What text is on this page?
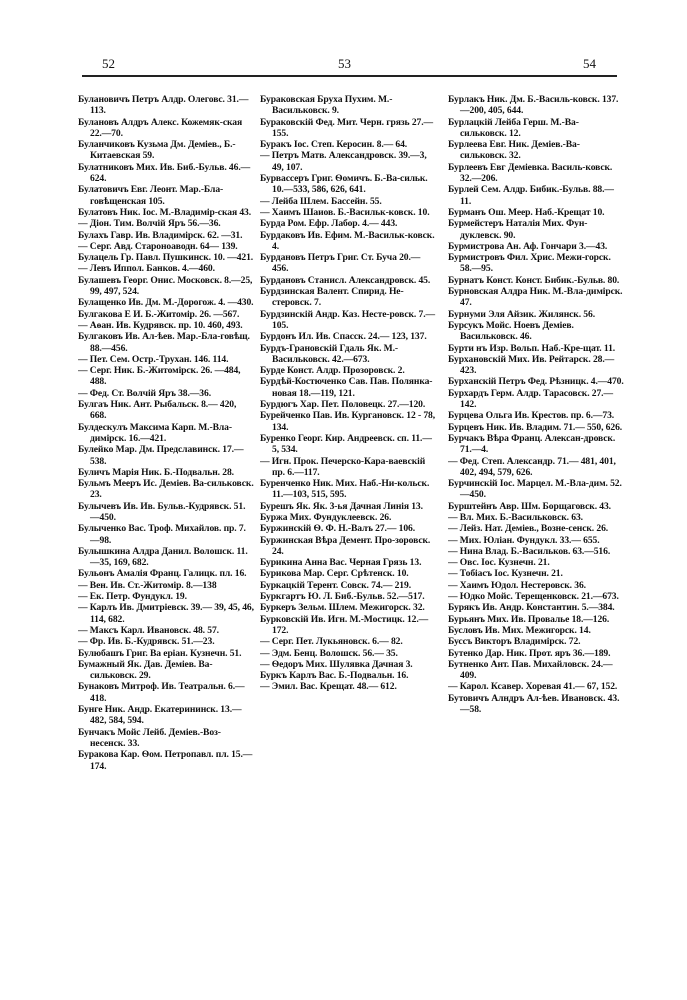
52	53	54
Булановичъ Петръ Алдр. Олеговс. 31.—113.
Булановъ Алдръ Алекс. Кожемяк-ская 22.—70.
Буланчиковъ Кузьма Дм. Деміев., Б.-Китаевская 59.
Булатниковъ Мих. Ив. Биб.-Бульв. 46.—624.
Булатовичъ Евг. Леонт. Мар.-Бла-говѣщенская 105.
Булатовъ Ник. Іос. М.-Владимір-ская 43.
— Діон. Тим. Волчій Яръ 56.—36.
Булахъ Гавр. Ив. Владимірск. 62. —31.
— Серг. Авд. Староноаводн. 64— 139.
Булацель Гр. Павл. Пушкинск. 10. —421.
— Левъ Иппол. Банков. 4.—460.
Булашевъ Георг. Онис. Московск. 8.—25, 99, 497, 524.
Булащенко Ив. Дм. М.-Дорогож. 4. —430.
Булгакова Е И. Б.-Житомір. 26. —567.
— Аѳан. Ив. Кудрявск. пр. 10. 460, 493.
Булгаковъ Ив. Ал-ѣев. Мар.-Бла-говѣщ. 88.—456.
— Пет. Сем. Остр.-Трухан. 146. 114.
— Серг. Ник. Б.-Житомірск. 26. —484, 488.
— Фед. Ст. Волчій Яръ 38.—36.
Булгаъ Ник. Ант. Рыбальск. 8.— 420, 668.
Булдескулъ Максима Карп. М.-Вла-димірск. 16.—421.
Булейко Мар. Дм. Предславинск. 17.—538.
Буличъ Марія Ник. Б.-Подвальн. 28.
Бульмъ Мееръ Ис. Деміев. Ва-сильковск. 23.
Булычевъ Ив. Ив. Бульв.-Кудрявск. 51.—450.
Булыченко Вас. Троф. Михайлов. пр. 7.—98.
Булышкина Алдра Данил. Волошск. 11.—35, 169, 682.
Бульонъ Амалія Франц. Галицк. пл. 16.
— Вен. Ив. Ст.-Житомір. 8.—138
— Ек. Петр. Фундукл. 19.
— Карлъ Ив. Дмитріевск. 39.— 39, 45, 46, 114, 682.
— Максъ Карл. Ивановск. 48. 57.
— Фр. Ив. Б.-Кудрявск. 51.—23.
Булюбашъ Григ. Ва еріан. Кузнечн. 51.
Бумажный Як. Дав. Деміев. Ва-сильковск. 29.
Бунаковъ Митроф. Ив. Театральн. 6.—418.
Бунге Ник. Андр. Екатерининск. 13.—482, 584, 594.
Бунчакъ Мойс Лейб. Деміев.-Воз-несенск. 33.
Буракова Кар. Ѳом. Петропавл. пл. 15.—174.
Бураковская Бруха Пухим. М.-Васильковск. 9.
Бураковскій Фед. Мит. Черн. грязь 27.—155.
Буракъ Іос. Степ. Керосин. 8.— 64.
— Петръ Матв. Александровск. 39.—3, 49, 107.
Бурвассеръ Григ. Ѳомичъ. Б.-Ва-сильк. 10.—533, 586, 626, 641.
— Лейба Шлем. Бассейн. 55.
— Хаимъ Шаиов. Б.-Васильк-ковск. 10.
Бурда Ром. Ефр. Лабор. 4.— 443.
Бурдаковъ Ив. Ефим. М.-Васильк-ковск. 4.
Бурдановъ Петръ Григ. Ст. Буча 20.—456.
Бурдановъ Станисл. Александровск. 45.
Бурдзинская Валент. Спирид. Не-стеровск. 7.
Бурдзинскій Андр. Каз. Несте-ровск. 7.—105.
Бурдонъ Ил. Ив. Спасск. 24.— 123, 137.
Бурдъ-Грановскій Гдаль Як. М.-Васильковск. 42.—673.
Бурде Конст. Алдр. Прозоровск. 2.
Бурдѣй-Костюченко Сав. Пав. Полянка-новая 18.—119, 121.
Бурдюгъ Хар. Пет. Половецк. 27.—120.
Бурейченко Пав. Ив. Кургановск. 12 - 78, 134.
Буренко Георг. Кир. Андреевск. сп. 11.—5, 534.
— Игн. Прок. Печерско-Кара-ваевскій пр. 6.—117.
Буренченко Ник. Мих. Наб.-Ни-кольск. 11.—103, 515, 595.
Бурешъ Як. Як. 3-ья Дачная Линія 13.
Буржа Мих. Фундуклеевск. 26.
Буржинскій Ѳ. Ф. Н.-Валъ 27.— 106.
Буржинская Вѣра Демент. Про-зоровск. 24.
Бурикина Анна Вас. Черная Грязь 13.
Бурикова Мар. Серг. Срѣтенск. 10.
Буркацкій Терент. Совск. 74.— 219.
Буркгартъ Ю. Л. Биб.-Бульв. 52.—517.
Буркеръ Зельм. Шлем. Межигорск. 32.
Бурковскій Ив. Игн. М.-Мостицк. 12.—172.
— Серг. Пет. Лукьяновск. 6.— 82.
— Эдм. Бенц. Волошск. 56.— 35.
— Ѳедоръ Мих. Шулявка Дачная 3.
Буркъ Карлъ Вас. Б.-Подвальн. 16.
— Эмил. Вас. Крещат. 48.— 612.
Бурлакъ Ник. Дм. Б.-Василь-ковск. 137.—200, 405, 644.
Бурлацкій Лейба Герш. М.-Ва-сильковск. 12.
Бурлеева Евг. Ник. Деміев.-Ва-сильковск. 32.
Бурлеевъ Евг Деміевка. Василь-ковск. 32.—206.
Бурлей Сем. Алдр. Бибик.-Бульв. 88.—11.
Бурманъ Ош. Меер. Наб.-Крещат 10.
Бурмейстеръ Наталія Мих. Фун-дуклевск. 90.
Бурмистрова Ан. Аф. Гончари 3.—43.
Бурмистровъ Фил. Хрис. Межи-горск. 58.—95.
Бурнатъ Конст. Конст. Бибик.-Бульв. 80.
Бурновская Алдра Ник. М.-Вла-димірск. 47.
Бурнуми Эля Айзик. Жилянск. 56.
Бурсукъ Мойс. Ноевъ Деміев. Васильковск. 46.
Бурти нъ Изр. Вольп. Наб.-Кре-щат. 11.
Бурхановскій Мих. Ив. Рейтарск. 28.—423.
Бурханскій Петръ Фед. Рѣзницк. 4.—470.
Бурхардъ Герм. Алдр. Тарасовск. 27.—142.
Бурцева Ольга Ив. Крестов. пр. 6.—73.
Бурцевъ Ник. Ив. Владим. 71.— 550, 626.
Бурчакъ Вѣра Франц. Алексан-дровск. 71.—4.
— Фед. Степ. Александр. 71.— 481, 401, 402, 494, 579, 626.
Бурчинскій Іос. Марцел. М.-Вла-дим. 52.—450.
Бурштейнъ Авр. Шм. Борщаговск. 43.
— Вл. Мих. Б.-Васильковск. 63.
— Лейз. Нат. Деміев., Возне-сенск. 26.
— Мих. Юліан. Фундукл. 33.— 655.
— Нина Влад. Б.-Васильков. 63.—516.
— Овс. Іос. Кузнечн. 21.
— Тобіасъ Іос. Кузнечн. 21.
— Хаимъ Юдол. Нестеровск. 36.
— Юдко Мойс. Терещенковск. 21.—673.
Бурякъ Ив. Андр. Константин. 5.—384.
Бурьянъ Мих. Ив. Провалье 18.—126.
Бусловъ Ив. Мих. Межигорск. 14.
Буссъ Викторъ Владимірск. 72.
Бутенко Дар. Ник. Прот. яръ 36.—189.
Бутненко Ант. Пав. Михайловск. 24.—409.
— Карол. Ксавер. Хоревая 41.— 67, 152.
Бутовичъ Алндръ Ал-ѣев. Ивановск. 43.—58.
